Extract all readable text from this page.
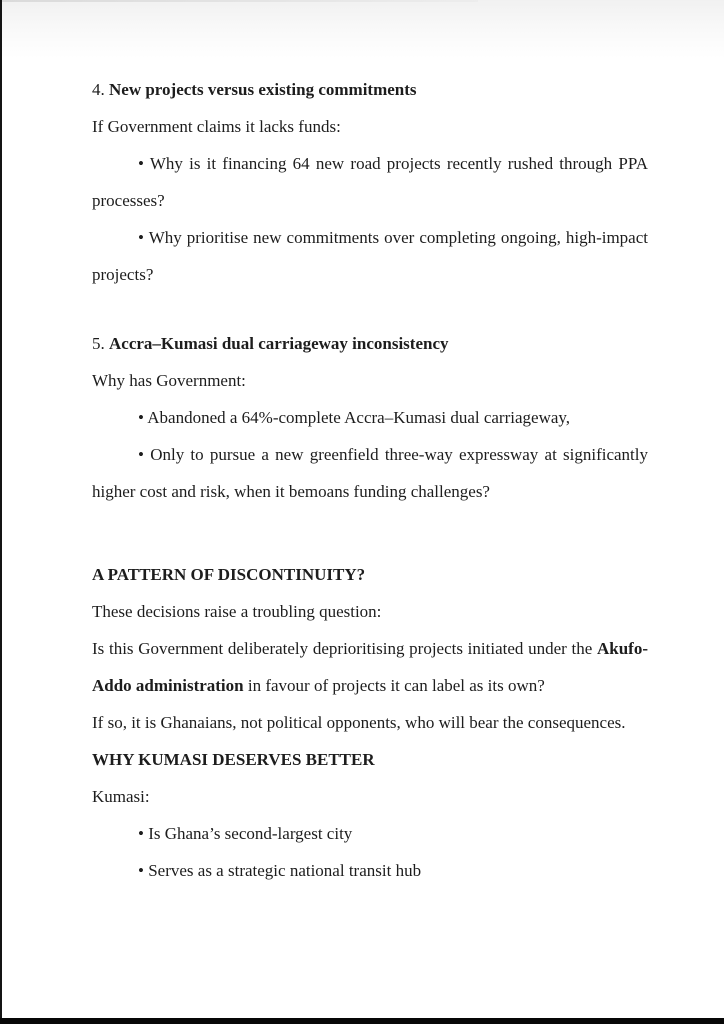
4. New projects versus existing commitments

If Government claims it lacks funds:

• Why is it financing 64 new road projects recently rushed through PPA processes?

• Why prioritise new commitments over completing ongoing, high-impact projects?

5. Accra–Kumasi dual carriageway inconsistency

Why has Government:

• Abandoned a 64%-complete Accra–Kumasi dual carriageway,

• Only to pursue a new greenfield three-way expressway at significantly higher cost and risk, when it bemoans funding challenges?

A PATTERN OF DISCONTINUITY?

These decisions raise a troubling question:

Is this Government deliberately deprioritising projects initiated under the Akufo-Addo administration in favour of projects it can label as its own?

If so, it is Ghanaians, not political opponents, who will bear the consequences.

WHY KUMASI DESERVES BETTER

Kumasi:

• Is Ghana’s second-largest city

• Serves as a strategic national transit hub
